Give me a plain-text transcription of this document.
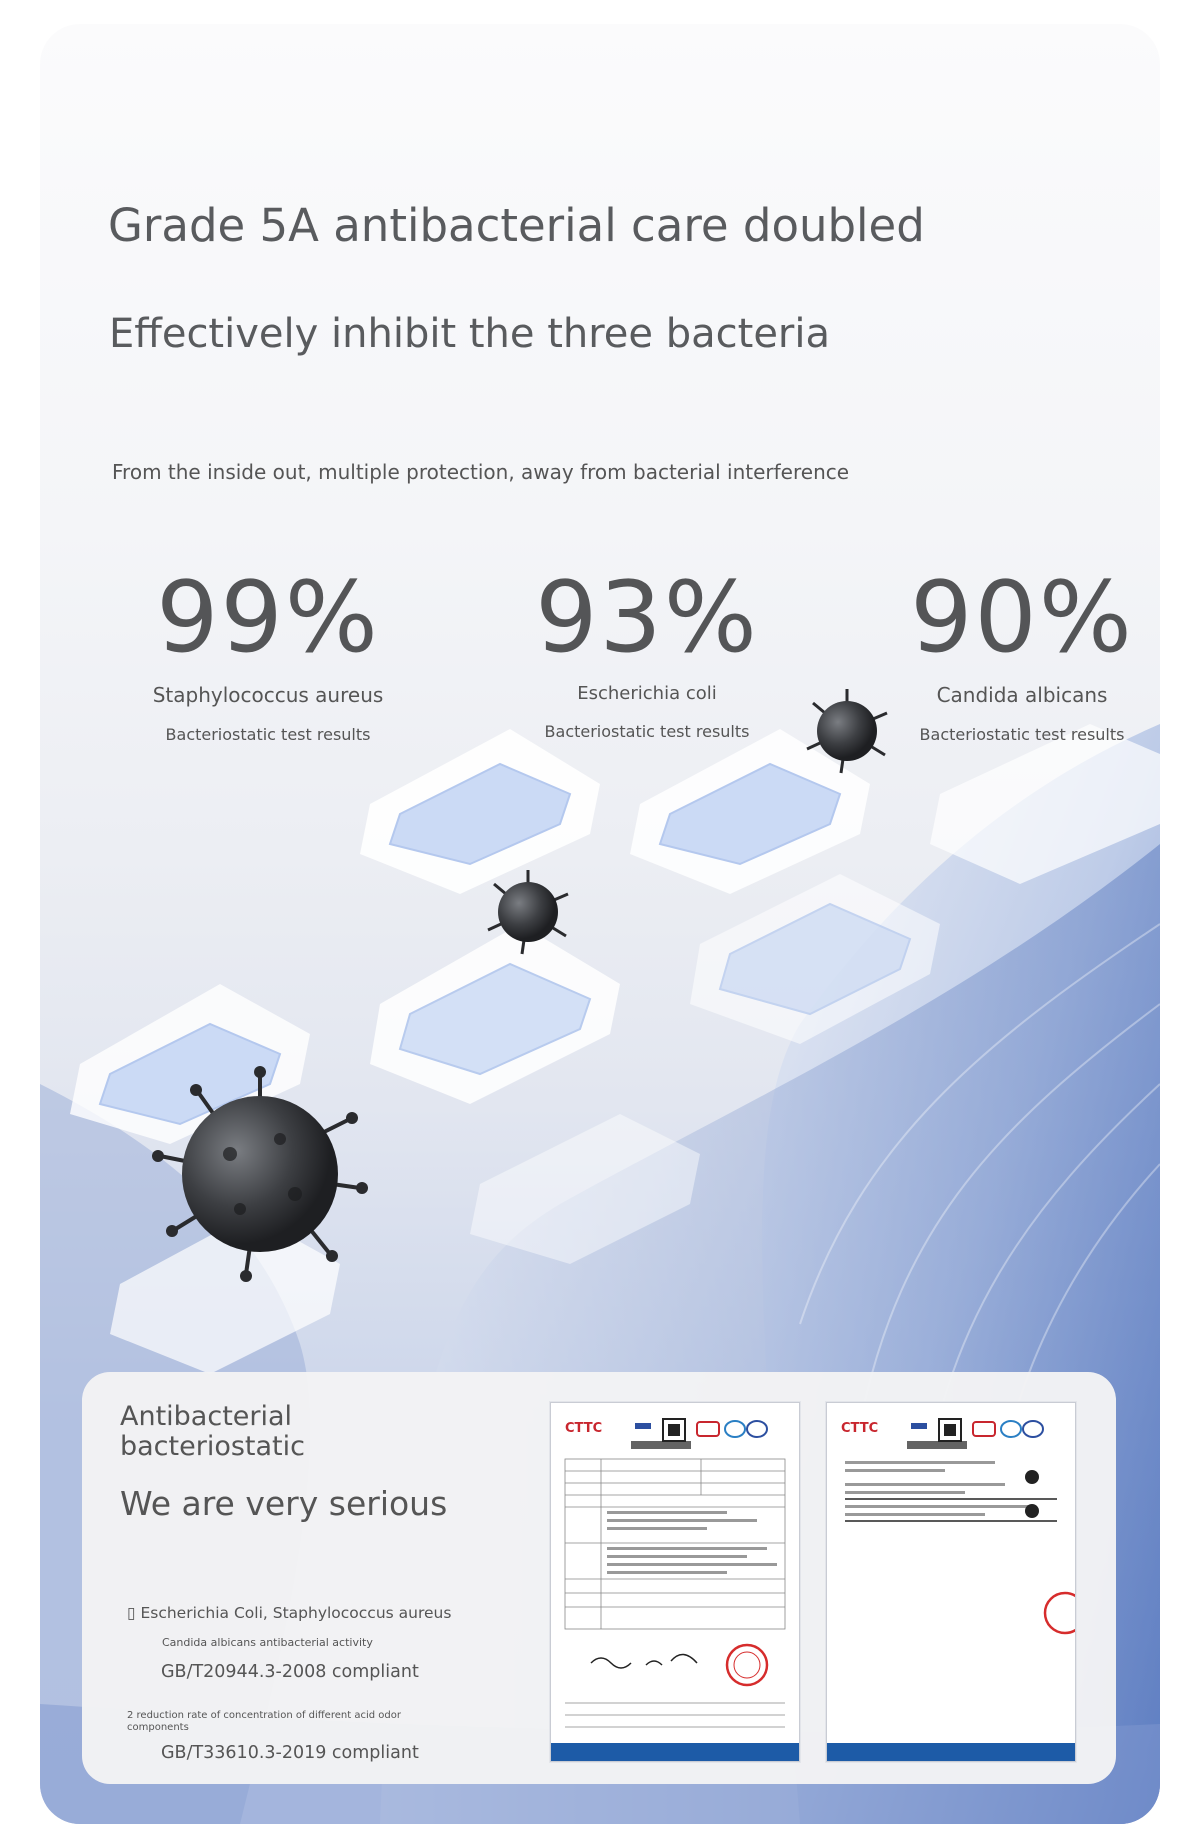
Grade 5A antibacterial care doubled
Effectively inhibit the three bacteria

From the inside out, multiple protection, away from bacterial interference

99%
Staphylococcus aureus
Bacteriostatic test results
93%
Escherichia coli
Bacteriostatic test results
90%
Candida albicans
Bacteriostatic test results
Antibacterial bacteriostatic
We are very serious
▯ Escherichia Coli, Staphylococcus aureus
Candida albicans antibacterial activity
GB/T20944.3-2008 compliant
2 reduction rate of concentration of different acid odor components
GB/T33610.3-2019 compliant
CTTC	CTTC
